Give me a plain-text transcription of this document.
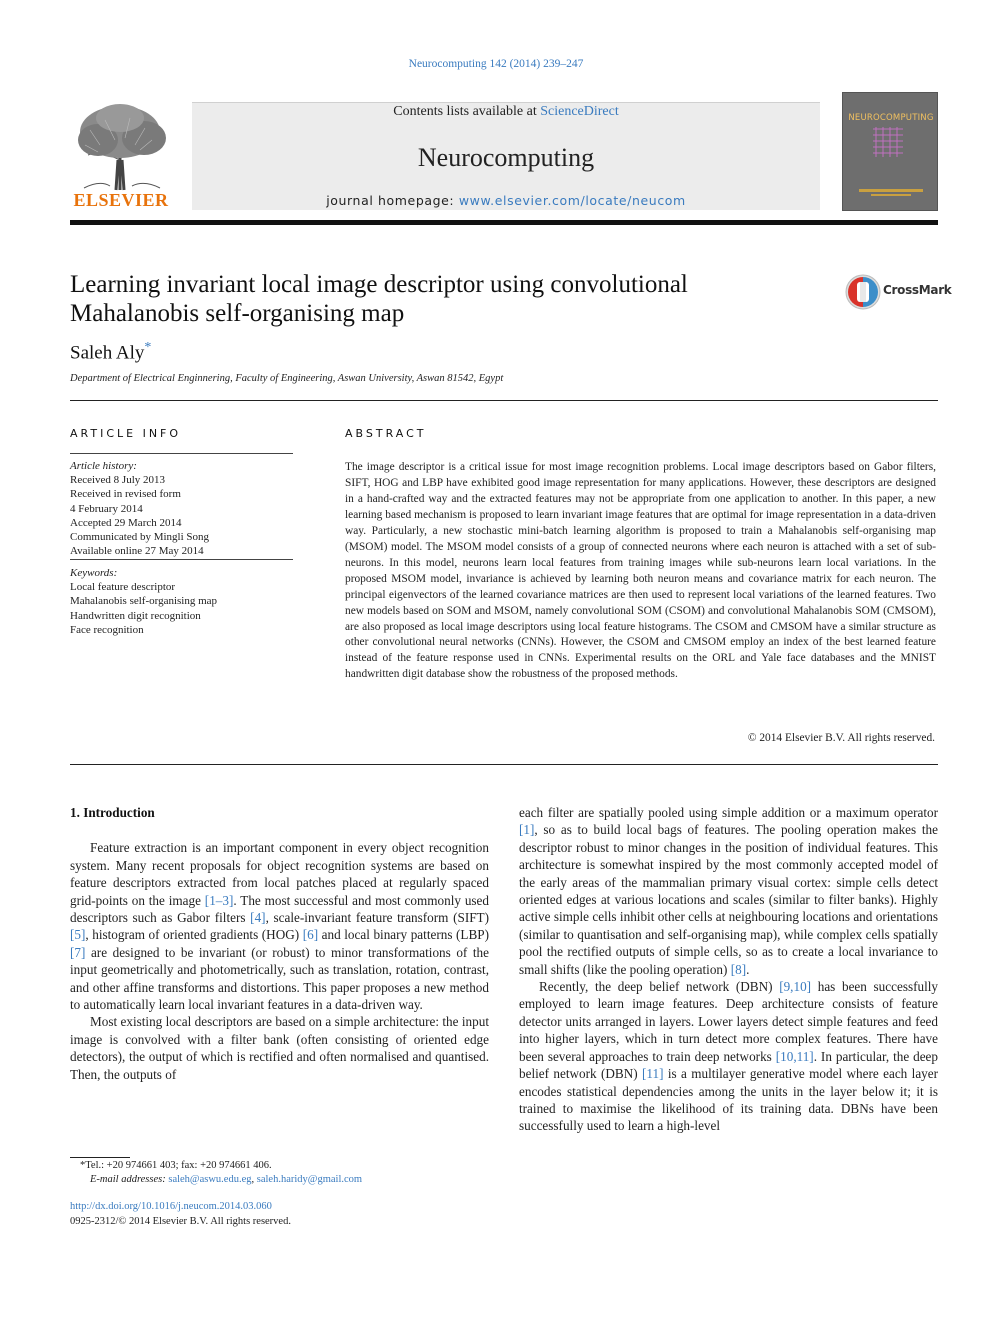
Neurocomputing 142 (2014) 239–247
ELSEVIER
Contents lists available at ScienceDirect
Neurocomputing
journal homepage: www.elsevier.com/locate/neucom
NEUROCOMPUTING
Learning invariant local image descriptor using convolutional Mahalanobis self-organising map
CrossMark
Saleh Aly*
Department of Electrical Enginnering, Faculty of Engineering, Aswan University, Aswan 81542, Egypt
ARTICLE INFO
Article history:
Received 8 July 2013
Received in revised form
4 February 2014
Accepted 29 March 2014
Communicated by Mingli Song
Available online 27 May 2014
Keywords:
Local feature descriptor
Mahalanobis self-organising map
Handwritten digit recognition
Face recognition
ABSTRACT
The image descriptor is a critical issue for most image recognition problems. Local image descriptors based on Gabor filters, SIFT, HOG and LBP have exhibited good image representation for many applications. However, these descriptors are designed in a hand-crafted way and the extracted features may not be appropriate from one application to another. In this paper, a new learning based mechanism is proposed to learn invariant image features that are optimal for image representation in a data-driven way. Particularly, a new stochastic mini-batch learning algorithm is proposed to train a Mahalanobis self-organising map (MSOM) model. The MSOM model consists of a group of connected neurons where each neuron is attached with a set of sub-neurons. In this model, neurons learn local features from training images while sub-neurons learn local variations. In the proposed MSOM model, invariance is achieved by learning both neuron means and covariance matrix for each neuron. The principal eigenvectors of the learned covariance matrices are then used to represent local variations of the learned features. Two new models based on SOM and MSOM, namely convolutional SOM (CSOM) and convolutional Mahalanobis SOM (CMSOM), are also proposed as local image descriptors using local feature histograms. The CSOM and CMSOM have a similar structure as other convolutional neural networks (CNNs). However, the CSOM and CMSOM employ an index of the best learned feature instead of the feature response used in CNNs. Experimental results on the ORL and Yale face databases and the MNIST handwritten digit database show the robustness of the proposed methods.
© 2014 Elsevier B.V. All rights reserved.
1. Introduction
Feature extraction is an important component in every object recognition system. Many recent proposals for object recognition systems are based on feature descriptors extracted from local patches placed at regularly spaced grid-points on the image [1–3]. The most successful and most commonly used descriptors such as Gabor filters [4], scale-invariant feature transform (SIFT) [5], histogram of oriented gradients (HOG) [6] and local binary patterns (LBP) [7] are designed to be invariant (or robust) to minor transformations of the input geometrically and photometrically, such as translation, rotation, contrast, and other affine transforms and distortions. This paper proposes a new method to automatically learn local invariant features in a data-driven way.
Most existing local descriptors are based on a simple architecture: the input image is convolved with a filter bank (often consisting of oriented edge detectors), the output of which is rectified and often normalised and quantised. Then, the outputs of
each filter are spatially pooled using simple addition or a maximum operator [1], so as to build local bags of features. The pooling operation makes the descriptor robust to minor changes in the position of individual features. This architecture is somewhat inspired by the most commonly accepted model of the early areas of the mammalian primary visual cortex: simple cells detect oriented edges at various locations and scales (similar to filter banks). Highly active simple cells inhibit other cells at neighbouring locations and orientations (similar to quantisation and self-organising map), while complex cells spatially pool the rectified outputs of simple cells, so as to create a local invariance to small shifts (like the pooling operation) [8].
Recently, the deep belief network (DBN) [9,10] has been successfully employed to learn image features. Deep architecture consists of feature detector units arranged in layers. Lower layers detect simple features and feed into higher layers, which in turn detect more complex features. There have been several approaches to train deep networks [10,11]. In particular, the deep belief network (DBN) [11] is a multilayer generative model where each layer encodes statistical dependencies among the units in the layer below it; it is trained to maximise the likelihood of its training data. DBNs have been successfully used to learn a high-level
*Tel.: +20 974661 403; fax: +20 974661 406.
E-mail addresses: saleh@aswu.edu.eg, saleh.haridy@gmail.com
http://dx.doi.org/10.1016/j.neucom.2014.03.060
0925-2312/© 2014 Elsevier B.V. All rights reserved.
